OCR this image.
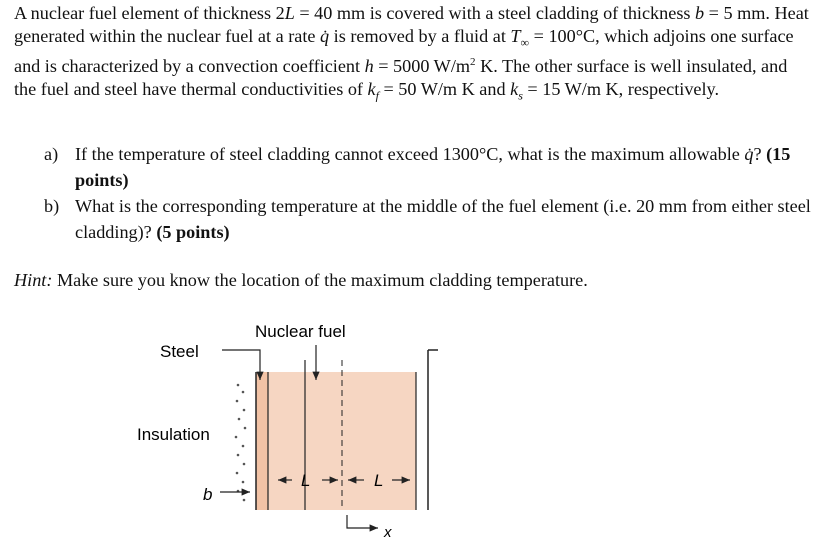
A nuclear fuel element of thickness 2L = 40 mm is covered with a steel cladding of thickness b = 5 mm. Heat generated within the nuclear fuel at a rate q̇ is removed by a fluid at $T_\infty = 100^\circ C$, which adjoins one surface and is characterized by a convection coefficient h = 5000 $W/m^2$ K. The other surface is well insulated, and the fuel and steel have thermal conductivities of $k_f = 50$ W/m K and $k_s = 15$ W/m K, respectively.
a) If the temperature of steel cladding cannot exceed 1300°C, what is the maximum allowable q̇? (15 points)
b) What is the corresponding temperature at the middle of the fuel element (i.e. 20 mm from either steel cladding)? (5 points)
Hint: Make sure you know the location of the maximum cladding temperature.
Nuclear fuel
Steel
Insulation
b
L	L
x
